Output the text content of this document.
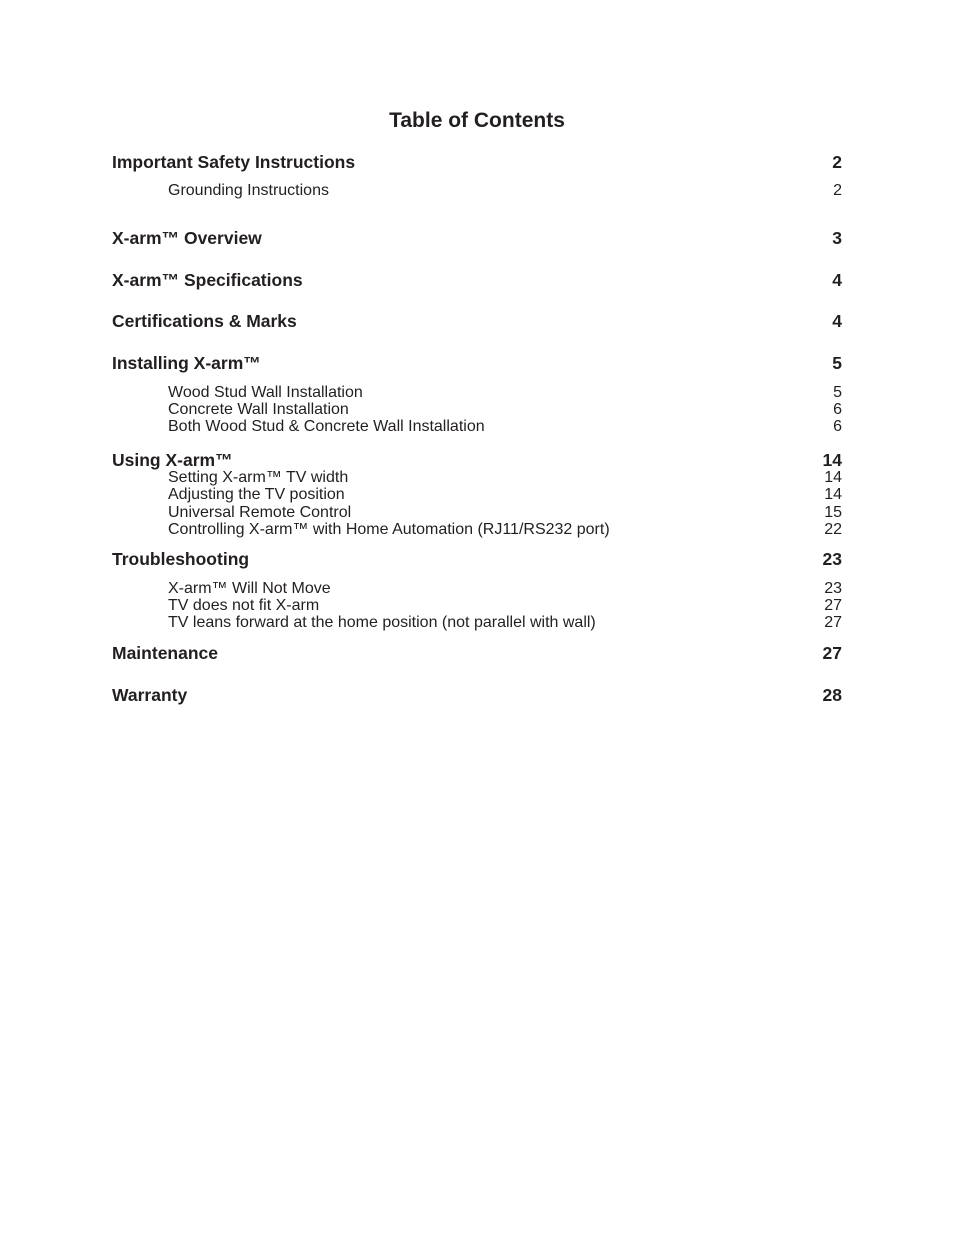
Table of Contents
Important Safety Instructions	2
Grounding Instructions	2
X-arm™ Overview	3
X-arm™ Specifications	4
Certifications & Marks	4
Installing X-arm™	5
Wood Stud Wall Installation	5
Concrete Wall Installation	6
Both Wood Stud & Concrete Wall Installation	6
Using X-arm™	14
Setting X-arm™ TV width	14
Adjusting the TV position	14
Universal Remote Control	15
Controlling X-arm™ with Home Automation (RJ11/RS232 port)	22
Troubleshooting	23
X-arm™ Will Not Move	23
TV does not fit X-arm	27
TV leans forward at the home position (not parallel with wall)	27
Maintenance	27
Warranty	28
